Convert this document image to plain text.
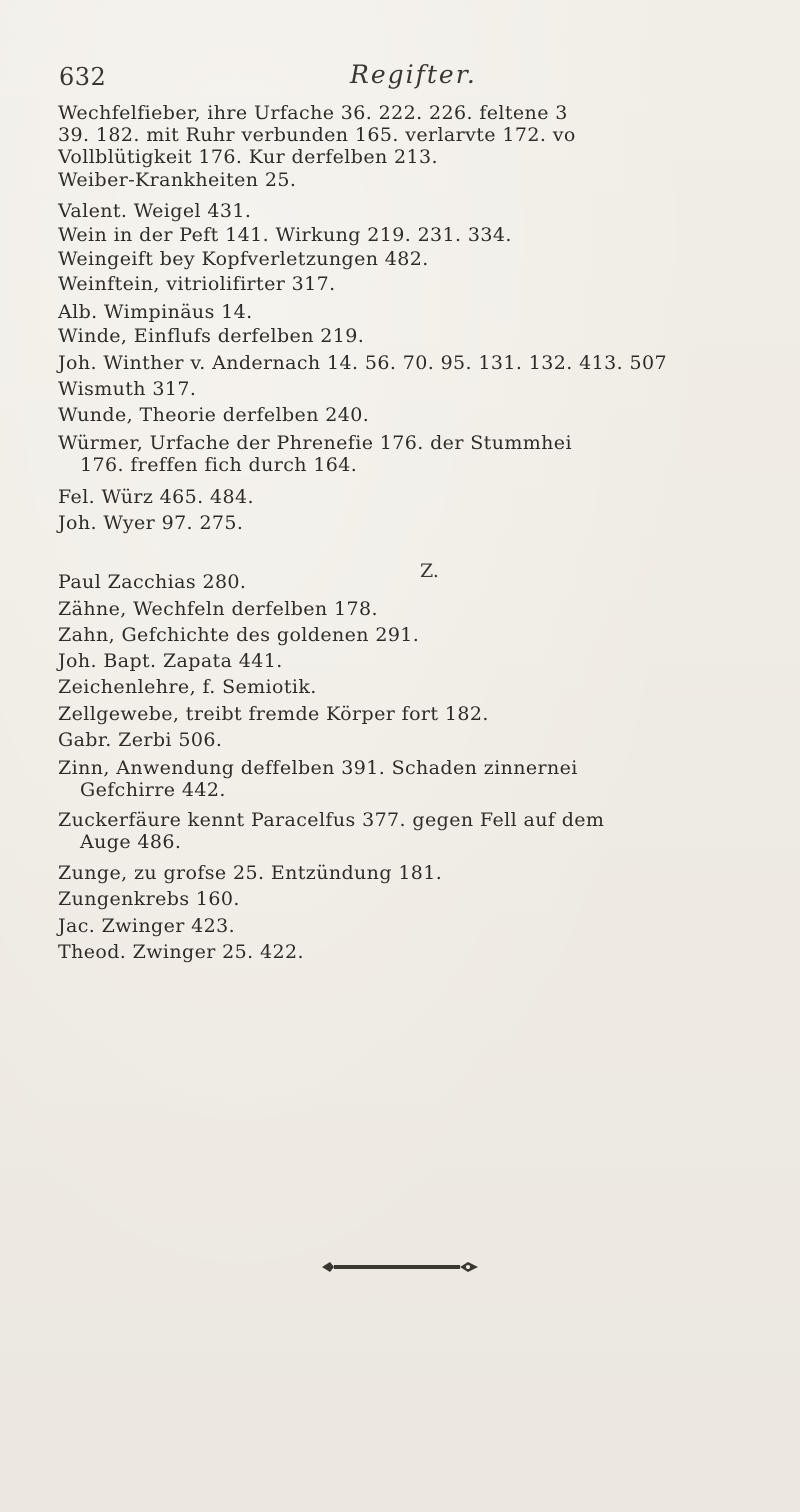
632	Regifter.
Wechfelfieber, ihre Urfache 36. 222. 226. feltene 3
39. 182. mit Ruhr verbunden 165. verlarvte 172. vo
Vollblütigkeit 176. Kur derfelben 213.
Weiber-Krankheiten 25.
Valent. Weigel 431.
Wein in der Peft 141. Wirkung 219. 231. 334.
Weingeift bey Kopfverletzungen 482.
Weinftein, vitriolifirter 317.
Alb. Wimpinäus 14.
Winde, Einflufs derfelben 219.
Joh. Winther v. Andernach 14. 56. 70. 95. 131. 132. 413. 507
Wismuth 317.
Wunde, Theorie derfelben 240.
Würmer, Urfache der Phrenefie 176. der Stummhei
176. freffen fich durch 164.
Fel. Würz 465. 484.
Joh. Wyer 97. 275.
Paul Zacchias 280.
Zähne, Wechfeln derfelben 178.
Zahn, Gefchichte des goldenen 291.
Joh. Bapt. Zapata 441.
Zeichenlehre, f. Semiotik.
Zellgewebe, treibt fremde Körper fort 182.
Gabr. Zerbi 506.
Zinn, Anwendung deffelben 391. Schaden zinnernei
Gefchirre 442.
Zuckerfäure kennt Paracelfus 377. gegen Fell auf dem
Auge 486.
Zunge, zu grofse 25. Entzündung 181.
Zungenkrebs 160.
Jac. Zwinger 423.
Theod. Zwinger 25. 422.
Z.
